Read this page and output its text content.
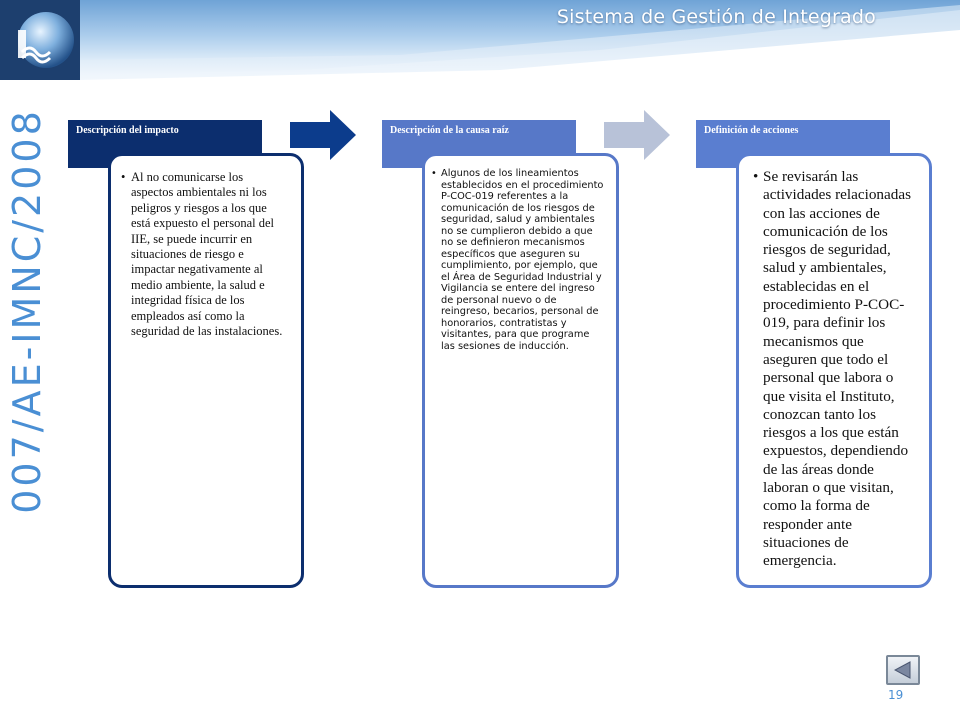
Sistema de Gestión de Integrado
007/AE-IMNC/2008	Descripción del impacto
• Al no comunicarse los aspectos ambientales ni los peligros y riesgos a los que está expuesto el personal del IIE, se puede incurrir en situaciones de riesgo e impactar negativamente al medio ambiente, la salud e integridad física de los empleados así como la seguridad de las instalaciones.
Descripción de la causa raíz
• Algunos de los lineamientos establecidos en el procedimiento P-COC-019 referentes a la comunicación de los riesgos de seguridad, salud y ambientales no se cumplieron debido a que no se definieron mecanismos específicos que aseguren su cumplimiento, por ejemplo, que el Área de Seguridad Industrial y Vigilancia se entere del ingreso de personal nuevo o de reingreso, becarios, personal de honorarios, contratistas y visitantes, para que programe las sesiones de inducción.
Definición de acciones
• Se revisarán las actividades relacionadas con las acciones de comunicación de los riesgos de seguridad, salud y ambientales, establecidas en el procedimiento P-COC-019, para definir los mecanismos que aseguren que todo el personal que labora o que visita el Instituto, conozcan tanto los riesgos a los que están expuestos, dependiendo de las áreas donde laboran o que visitan, como la forma de responder ante situaciones de emergencia.
19
